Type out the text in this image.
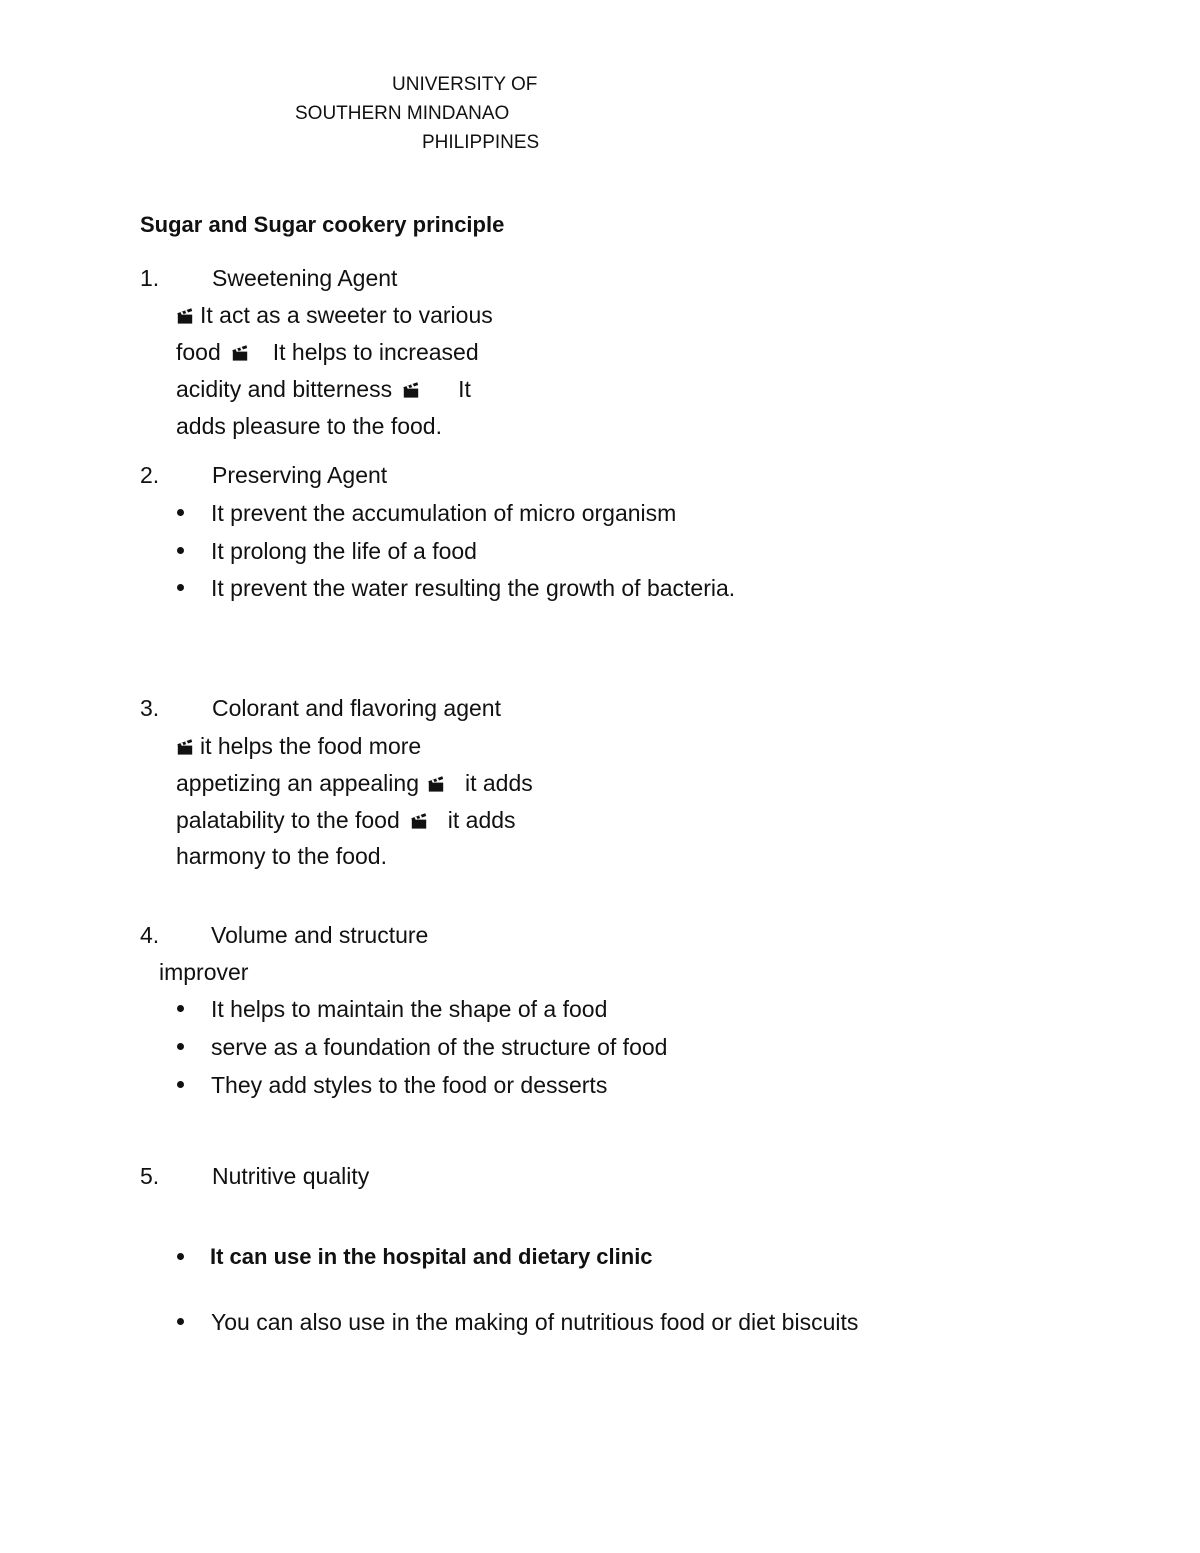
UNIVERSITY OF
SOUTHERN MINDANAO
PHILIPPINES
Sugar and Sugar cookery principle
1. Sweetening Agent
It act as a sweeter to various
food It helps to increased
acidity and bitterness	It
adds pleasure to the food.
2. Preserving Agent
It prevent the accumulation of micro organism
It prolong the life of a food
It prevent the water resulting the growth of bacteria.
3. Colorant and flavoring agent
it helps the food more
appetizing an appealing it adds
palatability to the food it adds
harmony to the food.
4. Volume and structure
improver
It helps to maintain the shape of a food
serve as a foundation of the structure of food
They add styles to the food or desserts
5. Nutritive quality
It can use in the hospital and dietary clinic
You can also use in the making of nutritious food or diet biscuits
